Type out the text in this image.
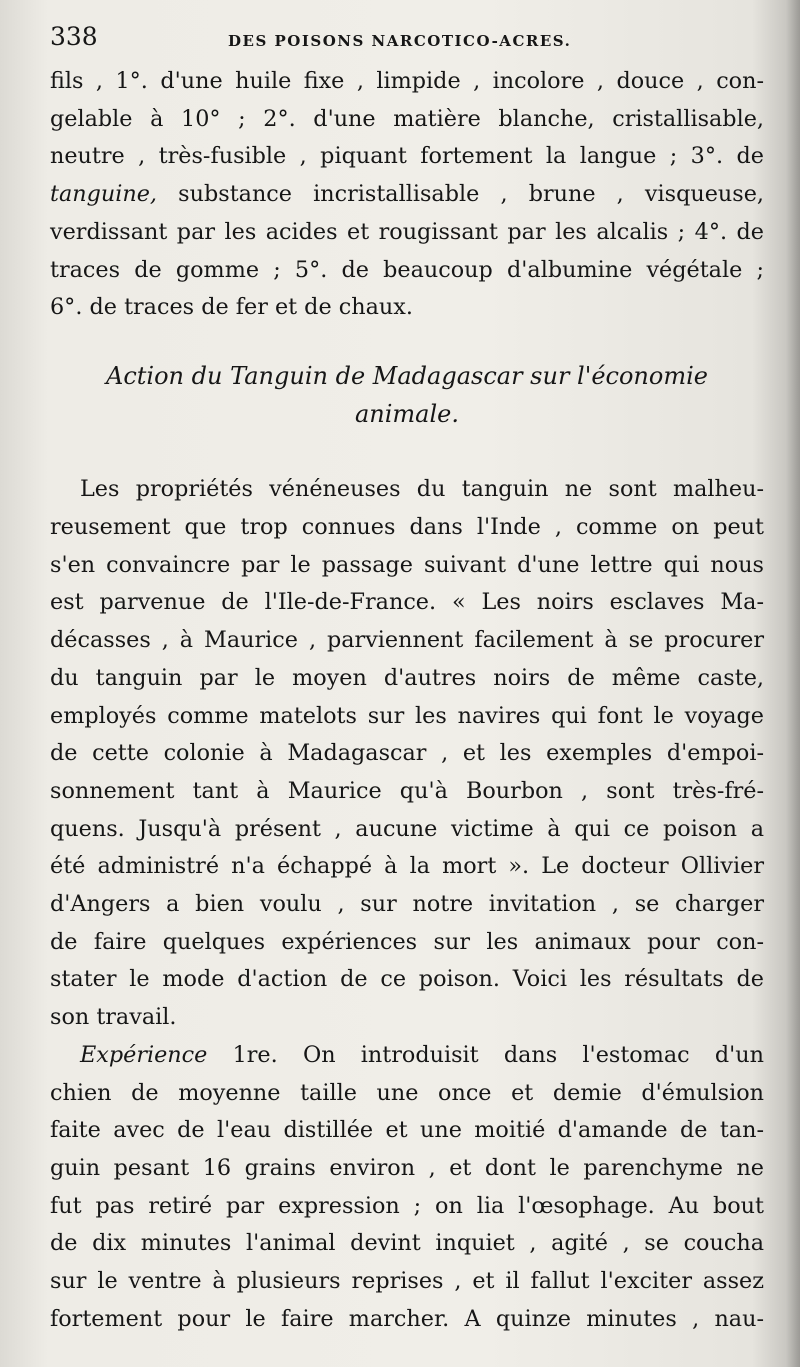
338	DES POISONS NARCOTICO-ACRES.
fils , 1°. d'une huile fixe , limpide , incolore , douce , con-
gelable à 10° ; 2°. d'une matière blanche, cristallisable,
neutre , très-fusible , piquant fortement la langue ; 3°. de
tanguine, substance incristallisable , brune , visqueuse,
verdissant par les acides et rougissant par les alcalis ; 4°. de
traces de gomme ; 5°. de beaucoup d'albumine végétale ;
6°. de traces de fer et de chaux.
Action du Tanguin de Madagascar sur l'économie
animale.
Les propriétés vénéneuses du tanguin ne sont malheu-
reusement que trop connues dans l'Inde , comme on peut
s'en convaincre par le passage suivant d'une lettre qui nous
est parvenue de l'Ile-de-France. « Les noirs esclaves Ma-
décasses , à Maurice , parviennent facilement à se procurer
du tanguin par le moyen d'autres noirs de même caste,
employés comme matelots sur les navires qui font le voyage
de cette colonie à Madagascar , et les exemples d'empoi-
sonnement tant à Maurice qu'à Bourbon , sont très-fré-
quens. Jusqu'à présent , aucune victime à qui ce poison a
été administré n'a échappé à la mort ». Le docteur Ollivier
d'Angers a bien voulu , sur notre invitation , se charger
de faire quelques expériences sur les animaux pour con-
stater le mode d'action de ce poison. Voici les résultats de
son travail.
Expérience 1re. On introduisit dans l'estomac d'un
chien de moyenne taille une once et demie d'émulsion
faite avec de l'eau distillée et une moitié d'amande de tan-
guin pesant 16 grains environ , et dont le parenchyme ne
fut pas retiré par expression ; on lia l'œsophage. Au bout
de dix minutes l'animal devint inquiet , agité , se coucha
sur le ventre à plusieurs reprises , et il fallut l'exciter assez
fortement pour le faire marcher. A quinze minutes , nau-
